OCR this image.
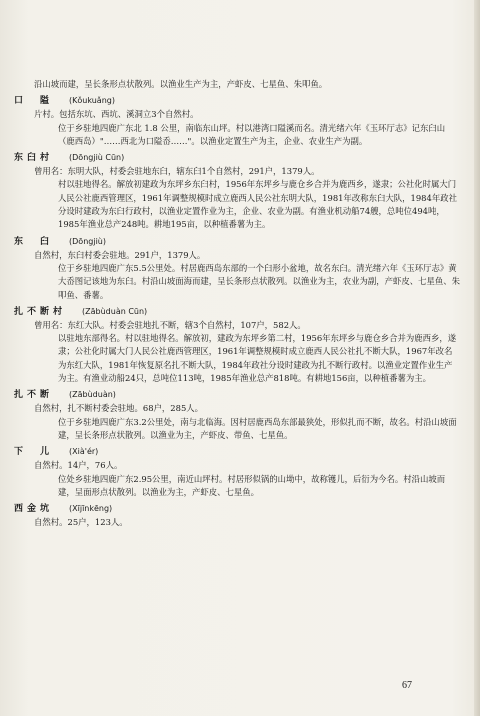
沿山坡而建，呈长条形点状散列。以渔业生产为主，产虾皮、七星鱼、朱叩鱼。

口　隘 (Kǒukuǎng)

片村。包括东坑、西坑、溪洞立3个自然村。

位于乡驻地四鹿广东北 1.8 公里，南临东山坪。村以港湾口隘溪而名。清光绪六年《玉环厅志》记东臼山（鹿西岛）"……西北为口隘岙……"。以渔业定置生产为主，企业、农业生产为副。

东臼村 (Dōngjiù Cūn)

曾用名：东明大队，村委会驻地东臼，辖东臼1个自然村，291户，1379人。

村以驻地得名。解放初建政为东坪乡东臼村，1956年东坪乡与鹿仓乡合并为鹿西乡，遂隶；公社化时属大门人民公社鹿西管理区，1961年调整规模时成立鹿西人民公社东明大队，1981年改称东臼大队，1984年政社分设时建政为东臼行政村，以渔业定置作业为主，企业、农业为副。有渔业机动船74艘，总吨位494吨，1985年渔业总产248吨。耕地195亩，以种植番薯为主。

东　臼 (Dōngjiù)

自然村，东臼村委会驻地。291户，1379人。

位于乡驻地四鹿广东5.5公里处。村居鹿西岛东部的一个臼形小盆地，故名东臼。清光绪六年《玉环厅志》黄大岙图记该地为东臼。村沿山坡面海而建，呈长条形点状散列。以渔业为主，农业为副，产虾皮、七星鱼、朱叩鱼、番薯。

扎不断村 (Zābùduàn Cūn)

曾用名：东红大队。村委会驻地扎不断，辖3个自然村，107户，582人。

以驻地东部得名。村以驻地得名。解放初，建政为东坪乡第二村，1956年东坪乡与鹿仓乡合并为鹿西乡，遂隶；公社化时属大门人民公社鹿西管理区，1961年调整规模时成立鹿西人民公社扎不断大队，1967年改名为东红大队，1981年恢复原名扎不断大队，1984年政社分设时建政为扎不断行政村。以渔业定置作业生产为主。有渔业动船24只，总吨位113吨，1985年渔业总产818吨。有耕地156亩，以种植番薯为主。

扎不断 (Zābùduàn)

自然村，扎不断村委会驻地。68户，285人。

位于乡驻地四鹿广东3.2公里处，南与北临海。因村居鹿西岛东部最狭处，形似扎而不断，故名。村沿山坡面建，呈长条形点状散列。以渔业为主，产虾皮、带鱼、七星鱼。

下　儿 (Xià'ér)

自然村。14户，76人。

位处乡驻地四鹿广东2.95公里，南近山坪村。村居形似锅的山坳中，故称镬儿，后衍为今名。村沿山坡而建，呈面形点状散列。以渔业为主，产虾皮、七星鱼。

西金坑 (Xījīnkēng)

自然村。25户，123人。

67
